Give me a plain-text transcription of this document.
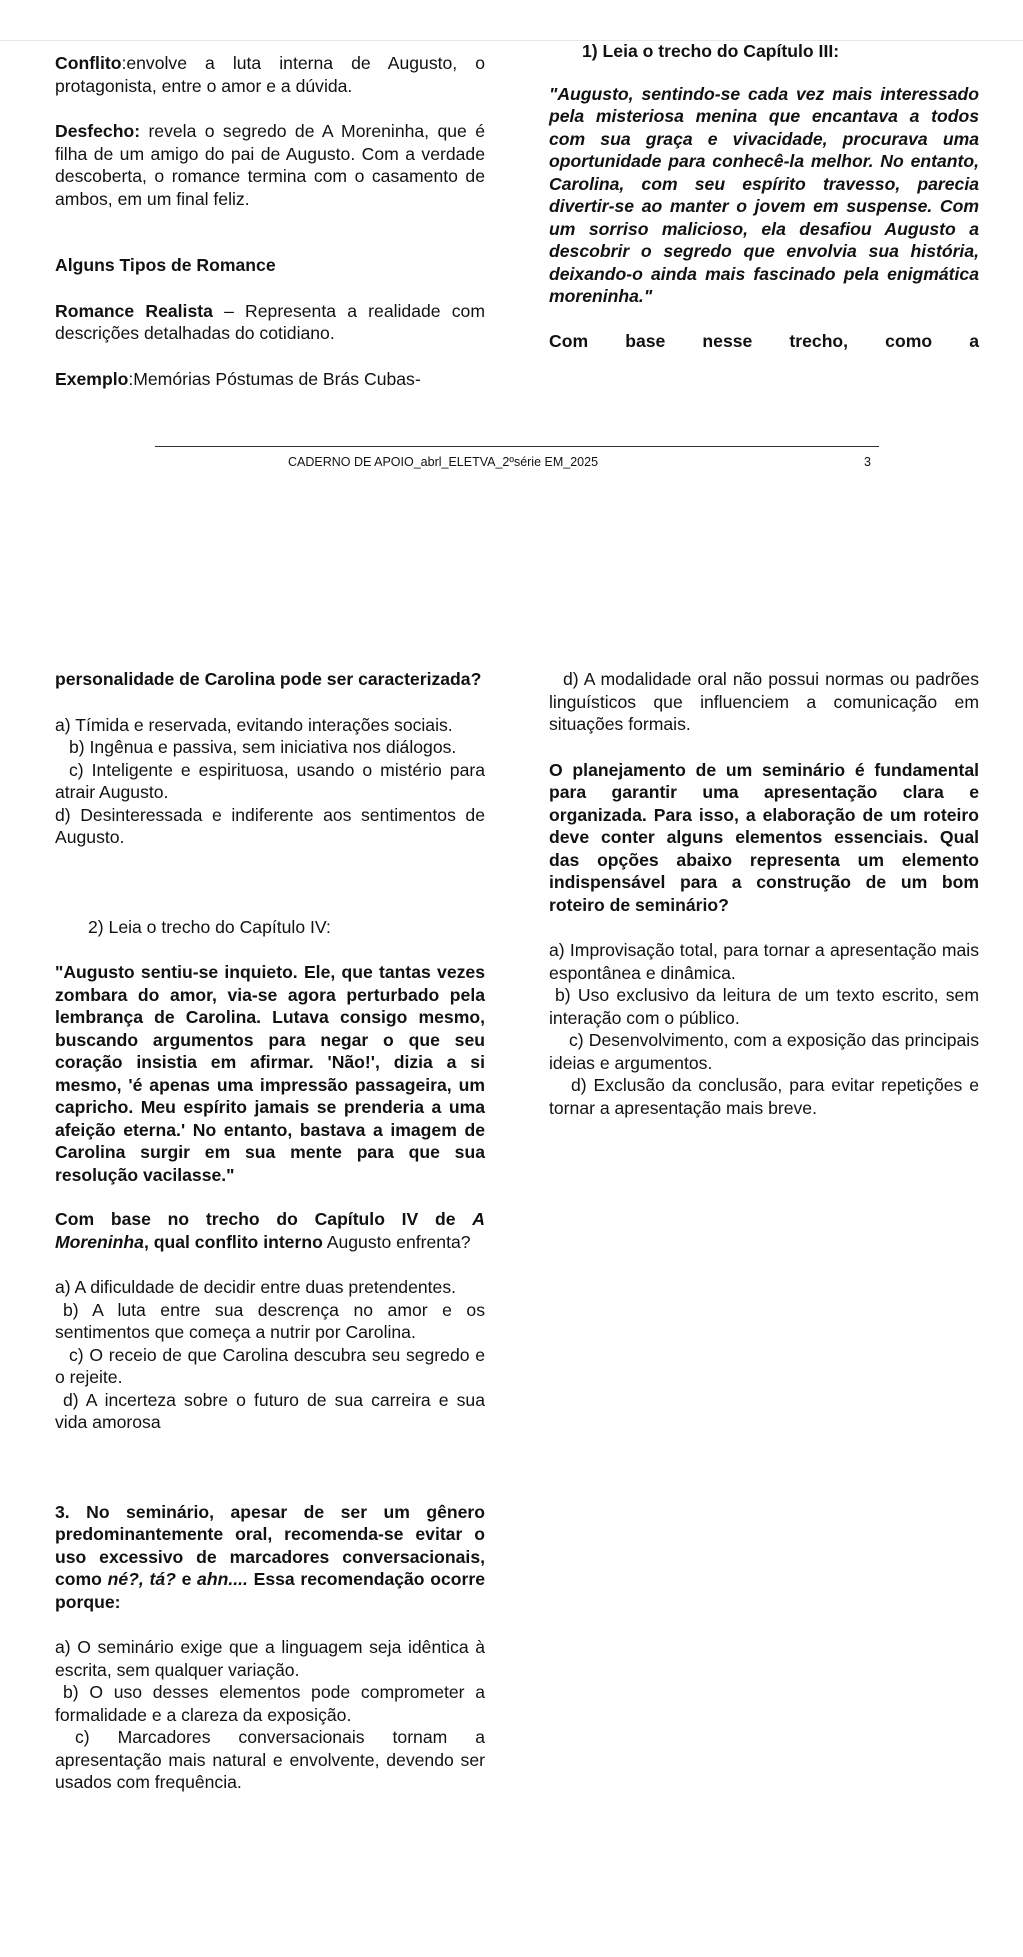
Conflito:envolve a luta interna de Augusto, o protagonista, entre o amor e a dúvida.

Desfecho: revela o segredo de A Moreninha, que é filha de um amigo do pai de Augusto. Com a verdade descoberta, o romance termina com o casamento de ambos, em um final feliz.

Alguns Tipos de Romance

Romance Realista – Representa a realidade com descrições detalhadas do cotidiano.

Exemplo:Memórias Póstumas de Brás Cubas-

1) Leia o trecho do Capítulo III:

"Augusto, sentindo-se cada vez mais interessado pela misteriosa menina que encantava a todos com sua graça e vivacidade, procurava uma oportunidade para conhecê-la melhor. No entanto, Carolina, com seu espírito travesso, parecia divertir-se ao manter o jovem em suspense. Com um sorriso malicioso, ela desafiou Augusto a descobrir o segredo que envolvia sua história, deixando-o ainda mais fascinado pela enigmática moreninha."

Com base nesse trecho, como a

CADERNO DE APOIO_abrl_ELETVA_2ºsérie EM_2025	3

personalidade de Carolina pode ser caracterizada?

a) Tímida e reservada, evitando interações sociais.

b) Ingênua e passiva, sem iniciativa nos diálogos.

c) Inteligente e espirituosa, usando o mistério para atrair Augusto.

d) Desinteressada e indiferente aos sentimentos de Augusto.

2) Leia o trecho do Capítulo IV:

"Augusto sentiu-se inquieto. Ele, que tantas vezes zombara do amor, via-se agora perturbado pela lembrança de Carolina. Lutava consigo mesmo, buscando argumentos para negar o que seu coração insistia em afirmar. 'Não!', dizia a si mesmo, 'é apenas uma impressão passageira, um capricho. Meu espírito jamais se prenderia a uma afeição eterna.' No entanto, bastava a imagem de Carolina surgir em sua mente para que sua resolução vacilasse."

Com base no trecho do Capítulo IV de A Moreninha, qual conflito interno Augusto enfrenta?

a) A dificuldade de decidir entre duas pretendentes.

b) A luta entre sua descrença no amor e os sentimentos que começa a nutrir por Carolina.

c) O receio de que Carolina descubra seu segredo e o rejeite.

d) A incerteza sobre o futuro de sua carreira e sua vida amorosa

3. No seminário, apesar de ser um gênero predominantemente oral, recomenda-se evitar o uso excessivo de marcadores conversacionais, como né?, tá? e ahn.... Essa recomendação ocorre porque:

a) O seminário exige que a linguagem seja idêntica à escrita, sem qualquer variação.

b) O uso desses elementos pode comprometer a formalidade e a clareza da exposição.

c) Marcadores conversacionais tornam a apresentação mais natural e envolvente, devendo ser usados com frequência.

d) A modalidade oral não possui normas ou padrões linguísticos que influenciem a comunicação em situações formais.

O planejamento de um seminário é fundamental para garantir uma apresentação clara e organizada. Para isso, a elaboração de um roteiro deve conter alguns elementos essenciais. Qual das opções abaixo representa um elemento indispensável para a construção de um bom roteiro de seminário?

a) Improvisação total, para tornar a apresentação mais espontânea e dinâmica.

b) Uso exclusivo da leitura de um texto escrito, sem interação com o público.

c) Desenvolvimento, com a exposição das principais ideias e argumentos.

d) Exclusão da conclusão, para evitar repetições e tornar a apresentação mais breve.
